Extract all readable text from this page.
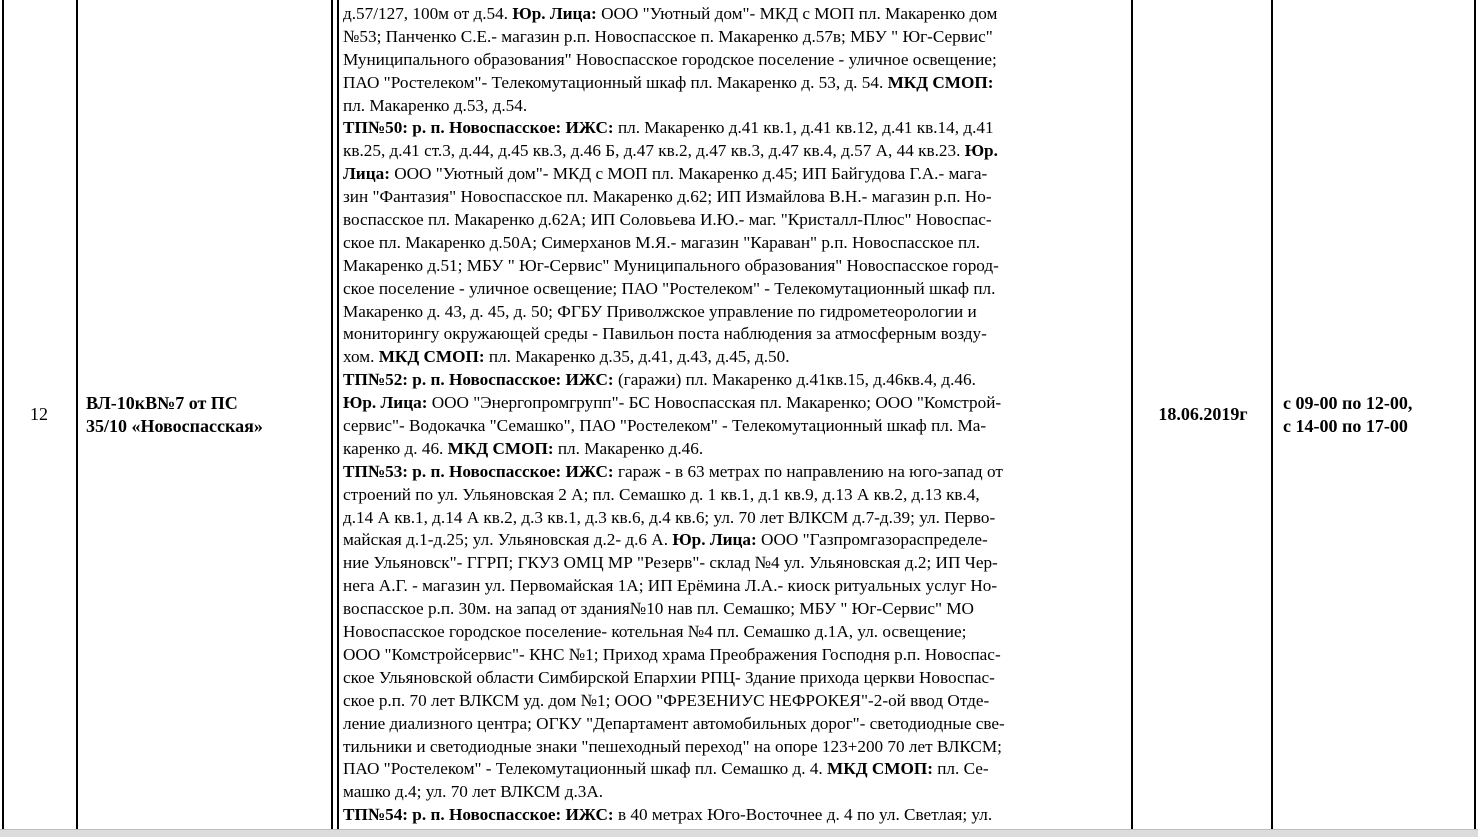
12
ВЛ-10кВ№7 от ПС
35/10 «Новоспасская»
д.57/127, 100м от д.54. Юр. Лица: ООО "Уютный дом"- МКД с МОП пл. Макаренко дом
№53; Панченко С.Е.- магазин р.п. Новоспасское п. Макаренко д.57в; МБУ " Юг-Сервис"
Муниципального образования" Новоспасское городское поселение - уличное освещение;
ПАО "Ростелеком"- Телекомутационный шкаф пл. Макаренко д. 53, д. 54. МКД СМОП:
пл. Макаренко д.53, д.54.
ТП№50: р. п. Новоспасское: ИЖС: пл. Макаренко д.41 кв.1, д.41 кв.12, д.41 кв.14, д.41
кв.25, д.41 ст.3, д.44, д.45 кв.3, д.46 Б, д.47 кв.2, д.47 кв.3, д.47 кв.4, д.57 А, 44 кв.23. Юр.
Лица: ООО "Уютный дом"- МКД с МОП пл. Макаренко д.45; ИП Байгудова Г.А.- мага-
зин "Фантазия" Новоспасское пл. Макаренко д.62; ИП Измайлова В.Н.- магазин р.п. Но-
воспасское пл. Макаренко д.62А; ИП Соловьева И.Ю.- маг. "Кристалл-Плюс" Новоспас-
ское пл. Макаренко д.50А; Симерханов М.Я.- магазин "Караван" р.п. Новоспасское пл.
Макаренко д.51; МБУ " Юг-Сервис" Муниципального образования" Новоспасское город-
ское поселение - уличное освещение; ПАО "Ростелеком" - Телекомутационный шкаф пл.
Макаренко д. 43, д. 45, д. 50; ФГБУ Приволжское управление по гидрометеорологии и
мониторингу окружающей среды - Павильон поста наблюдения за атмосферным возду-
хом. МКД СМОП: пл. Макаренко д.35, д.41, д.43, д.45, д.50.
ТП№52: р. п. Новоспасское: ИЖС: (гаражи) пл. Макаренко д.41кв.15, д.46кв.4, д.46.
Юр. Лица: ООО "Энергопромгрупп"- БС Новоспасская пл. Макаренко; ООО "Комстрой-
сервис"- Водокачка "Семашко", ПАО "Ростелеком" - Телекомутационный шкаф пл. Ма-
каренко д. 46. МКД СМОП: пл. Макаренко д.46.
ТП№53: р. п. Новоспасское: ИЖС: гараж - в 63 метрах по направлению на юго-запад от
строений по ул. Ульяновская 2 А; пл. Семашко д. 1 кв.1, д.1 кв.9, д.13 А кв.2, д.13 кв.4,
д.14 А кв.1, д.14 А кв.2, д.3 кв.1, д.3 кв.6, д.4 кв.6; ул. 70 лет ВЛКСМ д.7-д.39; ул. Перво-
майская д.1-д.25; ул. Ульяновская д.2- д.6 А. Юр. Лица: ООО "Газпромгазораспределе-
ние Ульяновск"- ГГРП; ГКУЗ ОМЦ МР "Резерв"- склад №4 ул. Ульяновская д.2; ИП Чер-
нега А.Г. - магазин ул. Первомайская 1А; ИП Ерёмина Л.А.- киоск ритуальных услуг Но-
воспасское р.п. 30м. на запад от здания№10 нав пл. Семашко; МБУ " Юг-Сервис" МО
Новоспасское городское поселение- котельная №4 пл. Семашко д.1А, ул. освещение;
ООО "Комстройсервис"- КНС №1; Приход храма Преображения Господня р.п. Новоспас-
ское Ульяновской области Симбирской Епархии РПЦ- Здание прихода церкви Новоспас-
ское р.п. 70 лет ВЛКСМ уд. дом №1; ООО "ФРЕЗЕНИУС НЕФРОКЕЯ"-2-ой ввод Отде-
ление диализного центра; ОГКУ "Департамент автомобильных дорог"- светодиодные све-
тильники и светодиодные знаки "пешеходный переход" на опоре 123+200 70 лет ВЛКСМ;
ПАО "Ростелеком" - Телекомутационный шкаф пл. Семашко д. 4. МКД СМОП: пл. Се-
машко д.4; ул. 70 лет ВЛКСМ д.3А.
ТП№54: р. п. Новоспасское: ИЖС: в 40 метрах Юго-Восточнее д. 4 по ул. Светлая; ул.
18.06.2019г
с 09-00 по 12-00,
с 14-00 по 17-00
